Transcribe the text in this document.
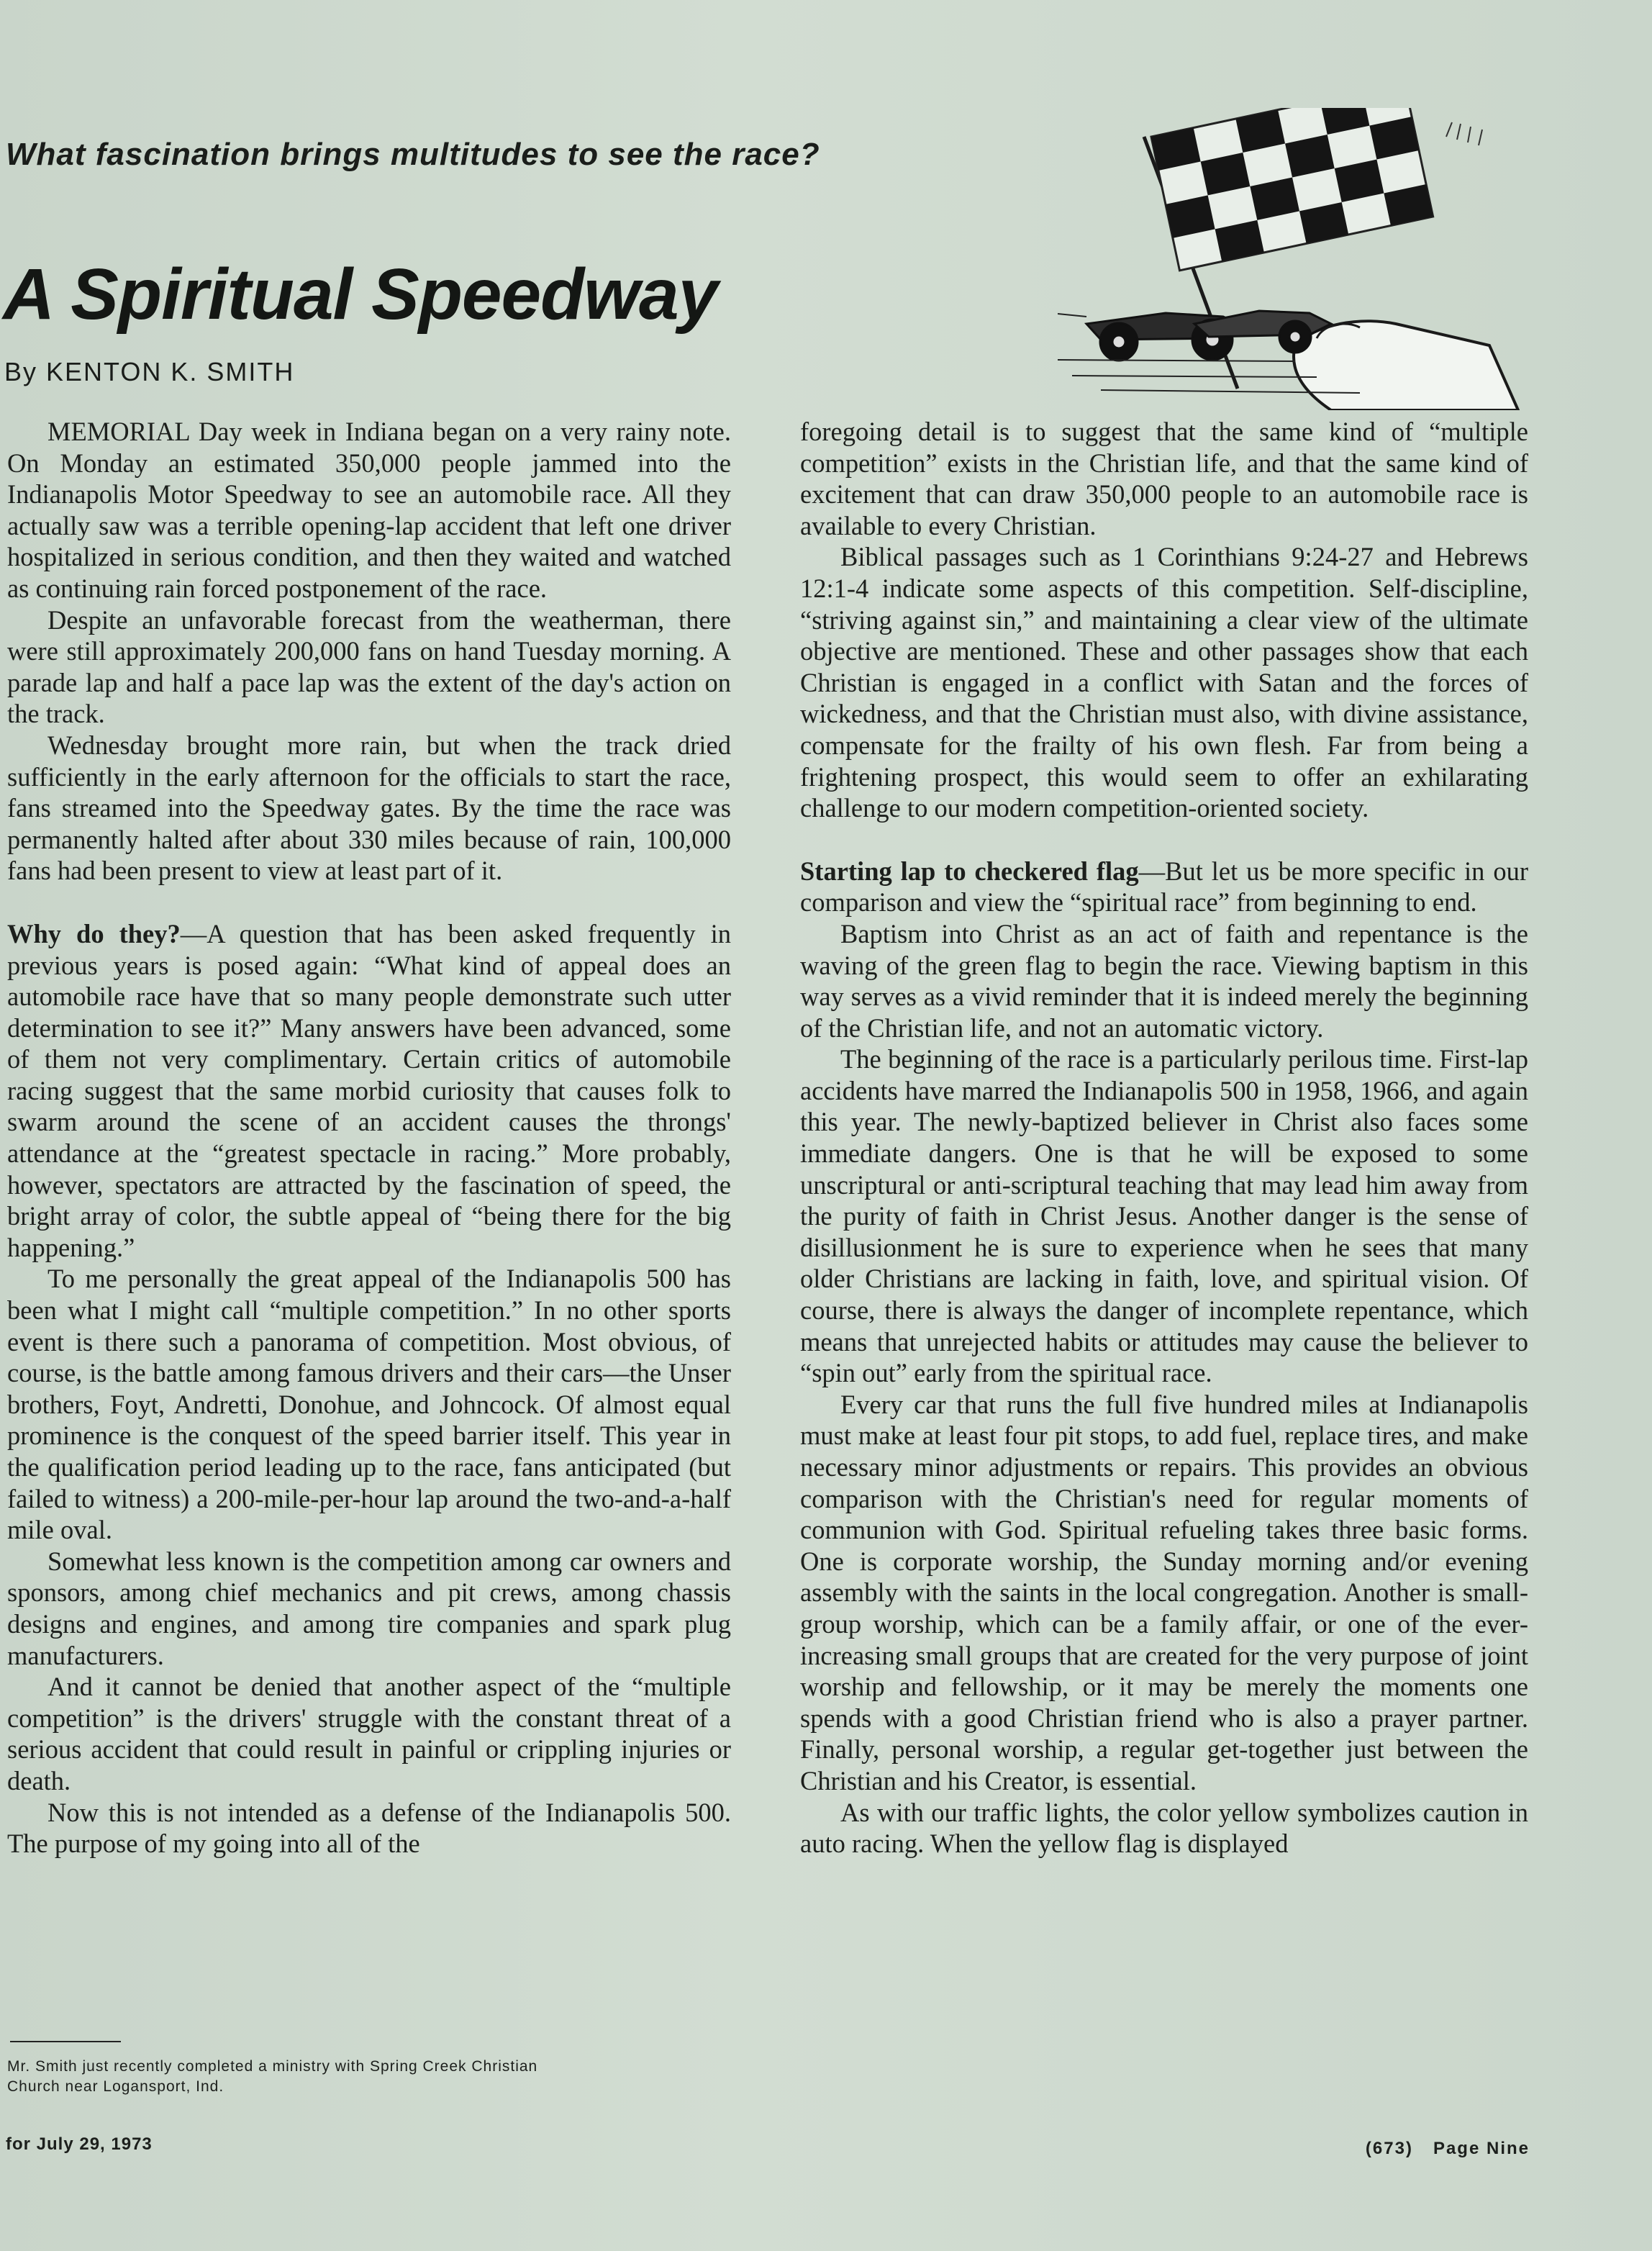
What fascination brings multitudes to see the race?
A Spiritual Speedway
By KENTON K. SMITH

MEMORIAL Day week in Indiana began on a very rainy note. On Monday an estimated 350,000 people jammed into the Indianapolis Motor Speedway to see an automobile race. All they actually saw was a terrible opening-lap accident that left one driver hospitalized in serious condition, and then they waited and watched as continuing rain forced postponement of the race.

Despite an unfavorable forecast from the weatherman, there were still approximately 200,000 fans on hand Tuesday morning. A parade lap and half a pace lap was the extent of the day's action on the track.

Wednesday brought more rain, but when the track dried sufficiently in the early afternoon for the officials to start the race, fans streamed into the Speedway gates. By the time the race was permanently halted after about 330 miles because of rain, 100,000 fans had been present to view at least part of it.

Why do they?—A question that has been asked frequently in previous years is posed again: “What kind of appeal does an automobile race have that so many people demonstrate such utter determination to see it?” Many answers have been advanced, some of them not very complimentary. Certain critics of automobile racing suggest that the same morbid curiosity that causes folk to swarm around the scene of an accident causes the throngs' attendance at the “greatest spectacle in racing.” More probably, however, spectators are attracted by the fascination of speed, the bright array of color, the subtle appeal of “being there for the big happening.”

To me personally the great appeal of the Indianapolis 500 has been what I might call “multiple competition.” In no other sports event is there such a panorama of competition. Most obvious, of course, is the battle among famous drivers and their cars—the Unser brothers, Foyt, Andretti, Donohue, and Johncock. Of almost equal prominence is the conquest of the speed barrier itself. This year in the qualification period leading up to the race, fans anticipated (but failed to witness) a 200-mile-per-hour lap around the two-and-a-half mile oval.

Somewhat less known is the competition among car owners and sponsors, among chief mechanics and pit crews, among chassis designs and engines, and among tire companies and spark plug manufacturers.

And it cannot be denied that another aspect of the “multiple competition” is the drivers' struggle with the constant threat of a serious accident that could result in painful or crippling injuries or death.

Now this is not intended as a defense of the Indianapolis 500. The purpose of my going into all of the

foregoing detail is to suggest that the same kind of “multiple competition” exists in the Christian life, and that the same kind of excitement that can draw 350,000 people to an automobile race is available to every Christian.

Biblical passages such as 1 Corinthians 9:24-27 and Hebrews 12:1-4 indicate some aspects of this competition. Self-discipline, “striving against sin,” and maintaining a clear view of the ultimate objective are mentioned. These and other passages show that each Christian is engaged in a conflict with Satan and the forces of wickedness, and that the Christian must also, with divine assistance, compensate for the frailty of his own flesh. Far from being a frightening prospect, this would seem to offer an exhilarating challenge to our modern competition-oriented society.

Starting lap to checkered flag—But let us be more specific in our comparison and view the “spiritual race” from beginning to end.

Baptism into Christ as an act of faith and repentance is the waving of the green flag to begin the race. Viewing baptism in this way serves as a vivid reminder that it is indeed merely the beginning of the Christian life, and not an automatic victory.

The beginning of the race is a particularly perilous time. First-lap accidents have marred the Indianapolis 500 in 1958, 1966, and again this year. The newly-baptized believer in Christ also faces some immediate dangers. One is that he will be exposed to some unscriptural or anti-scriptural teaching that may lead him away from the purity of faith in Christ Jesus. Another danger is the sense of disillusionment he is sure to experience when he sees that many older Christians are lacking in faith, love, and spiritual vision. Of course, there is always the danger of incomplete repentance, which means that unrejected habits or attitudes may cause the believer to “spin out” early from the spiritual race.

Every car that runs the full five hundred miles at Indianapolis must make at least four pit stops, to add fuel, replace tires, and make necessary minor adjustments or repairs. This provides an obvious comparison with the Christian's need for regular moments of communion with God. Spiritual refueling takes three basic forms. One is corporate worship, the Sunday morning and/or evening assembly with the saints in the local congregation. Another is small-group worship, which can be a family affair, or one of the ever-increasing small groups that are created for the very purpose of joint worship and fellowship, or it may be merely the moments one spends with a good Christian friend who is also a prayer partner. Finally, personal worship, a regular get-together just between the Christian and his Creator, is essential.

As with our traffic lights, the color yellow symbolizes caution in auto racing. When the yellow flag is displayed

Mr. Smith just recently completed a ministry with Spring Creek Christian
Church near Logansport, Ind.
for July 29, 1973	(673) Page Nine
